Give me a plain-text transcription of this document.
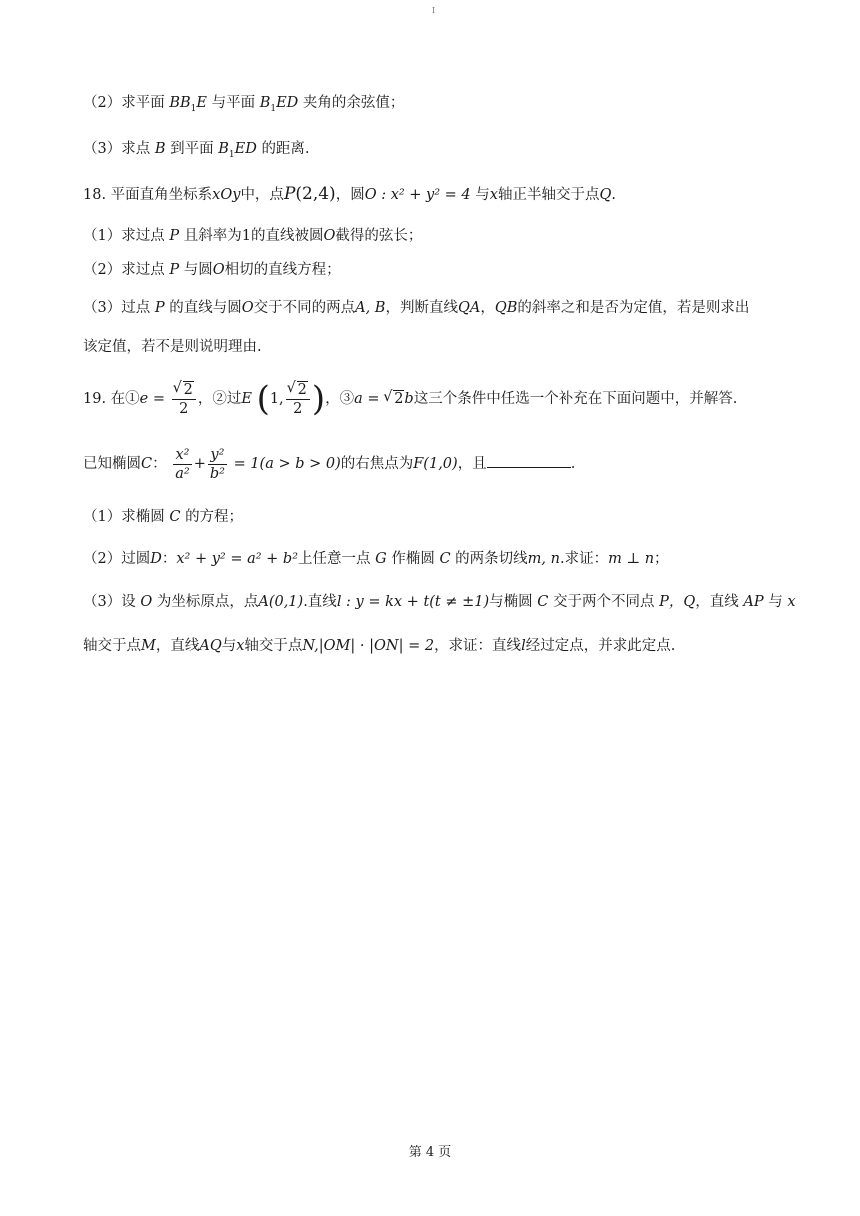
I
（2）求平面 $BB_1E$ 与平面 $B_1ED$ 夹角的余弦值；
（3）求点 B 到平面 $B_1ED$ 的距离.
18. 平面直角坐标系xOy中，点P(2,4)，圆O : x² + y² = 4 与x轴正半轴交于点Q.
（1）求过点 P 且斜率为1的直线被圆O截得的弦长；
（2）求过点 P 与圆O相切的直线方程；
（3）过点 P 的直线与圆O交于不同的两点A, B，判断直线QA，QB的斜率之和是否为定值，若是则求出
该定值，若不是则说明理由.
19. 在①e = √ $\frac{2}{2}$ ，②过E (1, √ $\frac{2}{2}$ )，③a = √ 2b这三个条件中任选一个补充在下面问题中，并解答.
已知椭圆C： $\frac{\text{x²}}{\text{a²}} + \frac{\text{y²}}{\text{b²}} = 1(a > b > 0)$的右焦点为F(1,0)，且	.
（1）求椭圆 C 的方程；
（2）过圆D：x² + y² = a² + b²上任意一点 G 作椭圆 C 的两条切线m, n.求证：m ⊥ n；
（3）设 O 为坐标原点，点A(0,1).直线l : y = kx + t(t ≠ ±1)与椭圆 C 交于两个不同点 P，Q，直线 AP 与 x
轴交于点M，直线AQ与x轴交于点N,|OM| · |ON| = 2，求证：直线l经过定点，并求此定点.
第 4 页
